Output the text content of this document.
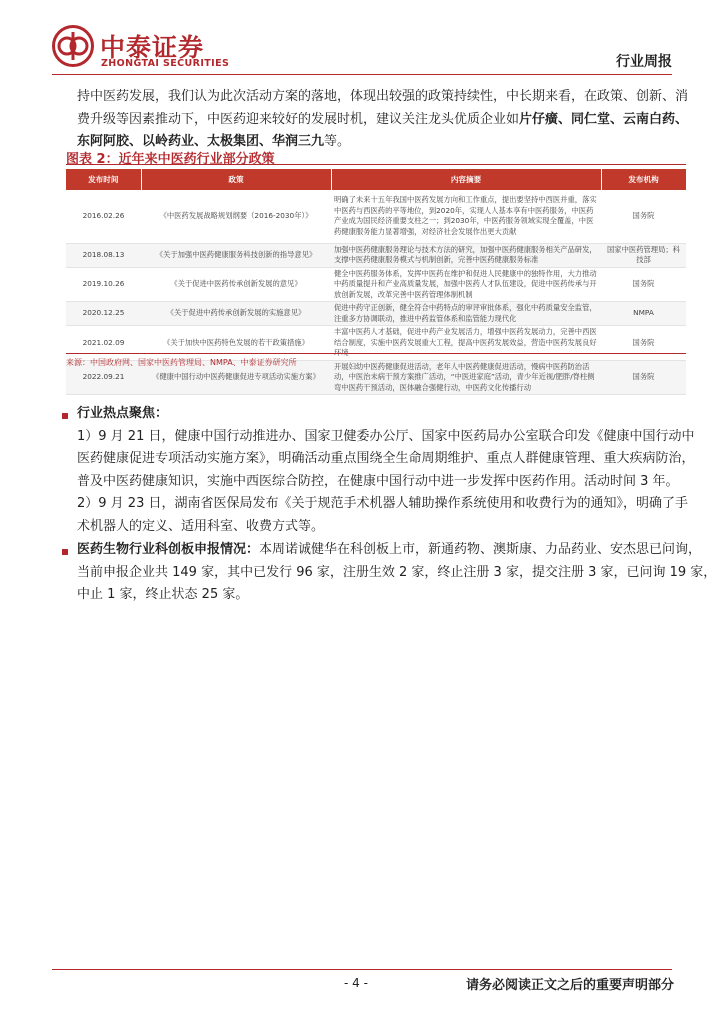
中泰证券
ZHONGTAI SECURITIES	行业周报
持中医药发展，我们认为此次活动方案的落地，体现出较强的政策持续性，中长期来看，在政策、创新、消
费升级等因素推动下，中医药迎来较好的发展时机，建议关注龙头优质企业如片仔癀、同仁堂、云南白药、
东阿阿胶、以岭药业、太极集团、华润三九等。
图表 2：近年来中医药行业部分政策
发布时间	政策	内容摘要	发布机构
2016.02.26	《中医药发展战略规划纲要（2016-2030年）》	明确了未来十五年我国中医药发展方向和工作重点，提出要坚持中西医并重，落实中医药与西医药的平等地位，到2020年，实现人人基本享有中医药服务，中医药产业成为国民经济重要支柱之一；到2030年，中医药服务领域实现全覆盖，中医药健康服务能力显著增强，对经济社会发展作出更大贡献	国务院
2018.08.13	《关于加强中医药健康服务科技创新的指导意见》	加强中医药健康服务理论与技术方法的研究，加强中医药健康服务相关产品研发，支撑中医药健康服务模式与机制创新，完善中医药健康服务标准	国家中医药管理局；科技部
2019.10.26	《关于促进中医药传承创新发展的意见》	健全中医药服务体系，发挥中医药在维护和促进人民健康中的独特作用，大力推动中药质量提升和产业高质量发展，加强中医药人才队伍建设，促进中医药传承与开放创新发展，改革完善中医药管理体制机制	国务院
2020.12.25	《关于促进中药传承创新发展的实施意见》	促进中药守正创新，健全符合中药特点的审评审批体系，强化中药质量安全监管，注重多方协调联动，推进中药监管体系和监管能力现代化	NMPA
2021.02.09	《关于加快中医药特色发展的若干政策措施》	丰富中医药人才基础，促进中药产业发展活力，增强中医药发展动力，完善中西医结合制度，实施中医药发展重大工程，提高中医药发展效益，营造中医药发展良好环境	国务院
2022.09.21	《健康中国行动中医药健康促进专项活动实施方案》	开展妇幼中医药健康促进活动，老年人中医药健康促进活动，慢病中医药防治活动，中医治未病干预方案推广活动，“中医进家庭”活动，青少年近视/肥胖/脊柱侧弯中医药干预活动，医体融合强健行动，中医药文化传播行动	国务院
来源：中国政府网、国家中医药管理局、NMPA、中泰证券研究所
行业热点聚焦：
1）9 月 21 日，健康中国行动推进办、国家卫健委办公厅、国家中医药局办公室联合印发《健康中国行动中
医药健康促进专项活动实施方案》，明确活动重点围绕全生命周期维护、重点人群健康管理、重大疾病防治，
普及中医药健康知识，实施中西医综合防控，在健康中国行动中进一步发挥中医药作用。活动时间 3 年。
2）9 月 23 日，湖南省医保局发布《关于规范手术机器人辅助操作系统使用和收费行为的通知》，明确了手
术机器人的定义、适用科室、收费方式等。
医药生物行业科创板申报情况：本周诺诚健华在科创板上市，新通药物、澳斯康、力品药业、安杰思已问询，
当前申报企业共 149 家，其中已发行 96 家，注册生效 2 家，终止注册 3 家，提交注册 3 家，已问询 19 家，
中止 1 家，终止状态 25 家。
- 4 -	请务必阅读正文之后的重要声明部分
